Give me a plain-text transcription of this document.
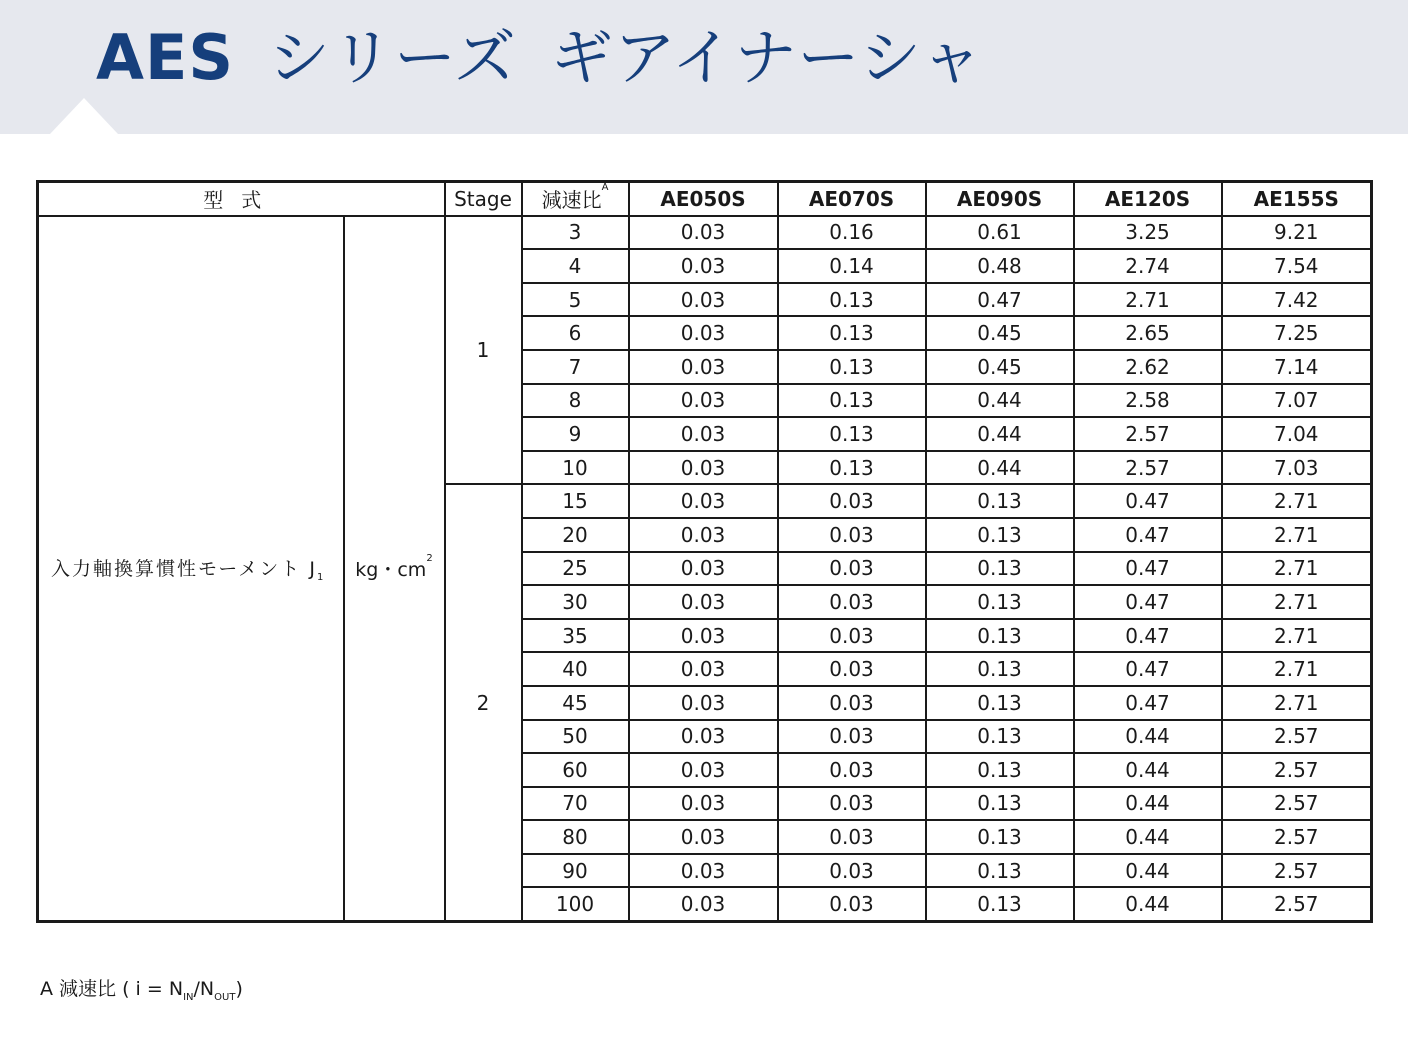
AES シリーズ ギアイナーシャ
型式		Stage	減速比$^A$	AE050S	AE070S	AE090S	AE120S	AE155S
入力軸換算慣性モーメント $J_1$	kg・$cm^2$	1	3	0.03	0.16	0.61	3.25	9.21
			4	0.03	0.14	0.48	2.74	7.54
			5	0.03	0.13	0.47	2.71	7.42
			6	0.03	0.13	0.45	2.65	7.25
			7	0.03	0.13	0.45	2.62	7.14
			8	0.03	0.13	0.44	2.58	7.07
			9	0.03	0.13	0.44	2.57	7.04
			10	0.03	0.13	0.44	2.57	7.03
		2	15	0.03	0.03	0.13	0.47	2.71
			20	0.03	0.03	0.13	0.47	2.71
			25	0.03	0.03	0.13	0.47	2.71
			30	0.03	0.03	0.13	0.47	2.71
			35	0.03	0.03	0.13	0.47	2.71
			40	0.03	0.03	0.13	0.47	2.71
			45	0.03	0.03	0.13	0.47	2.71
			50	0.03	0.03	0.13	0.44	2.57
			60	0.03	0.03	0.13	0.44	2.57
			70	0.03	0.03	0.13	0.44	2.57
			80	0.03	0.03	0.13	0.44	2.57
			90	0.03	0.03	0.13	0.44	2.57
			100	0.03	0.03	0.13	0.44	2.57
A 減速比 ( $i = N_{IN}/N_{OUT}$)
